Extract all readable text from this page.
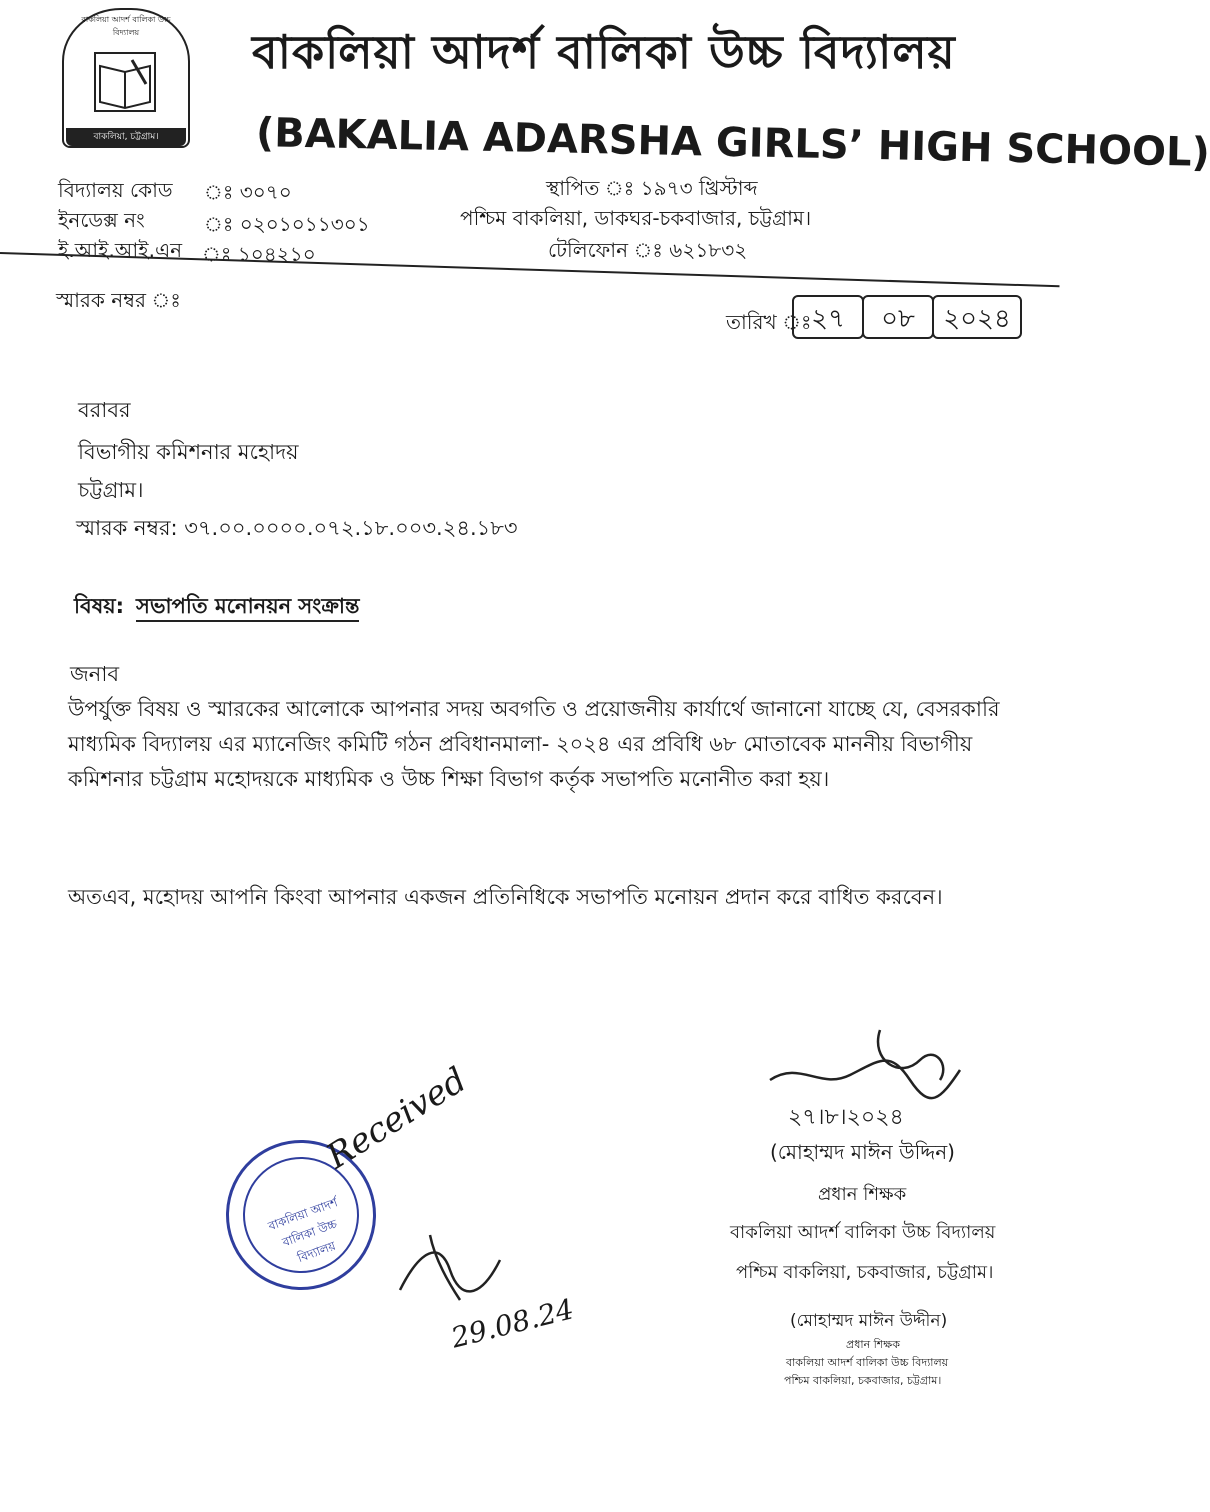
বাকলিয়া আদর্শ বালিকা উচ্চ বিদ্যালয়
বাকলিয়া, চট্টগ্রাম।
বাকলিয়া আদর্শ বালিকা উচ্চ বিদ্যালয়
(BAKALIA ADARSHA GIRLS’ HIGH SCHOOL)
বিদ্যালয় কোড ঃ ৩০৭০
ইনডেক্স নং	ঃ ০২০১০১১৩০১
ই.আই.আই.এন ঃ ১০৪২১০
স্থাপিত ঃ ১৯৭৩ খ্রিস্টাব্দ
পশ্চিম বাকলিয়া, ডাকঘর-চকবাজার, চট্টগ্রাম।
টেলিফোন ঃ ৬২১৮৩২
স্মারক নম্বর ঃ
তারিখ ঃ ২৭	০৮	২০২৪
বরাবর
বিভাগীয় কমিশনার মহোদয়
চট্টগ্রাম।
স্মারক নম্বর: ৩৭.০০.০০০০.০৭২.১৮.০০৩.২৪.১৮৩
বিষয়: সভাপতি মনোনয়ন সংক্রান্ত
জনাব
উপর্যুক্ত বিষয় ও স্মারকের আলোকে আপনার সদয় অবগতি ও প্রয়োজনীয় কার্যার্থে জানানো যাচ্ছে যে, বেসরকারি মাধ্যমিক বিদ্যালয় এর ম্যানেজিং কমিটি গঠন প্রবিধানমালা- ২০২৪ এর প্রবিধি ৬৮ মোতাবেক মাননীয় বিভাগীয় কমিশনার চট্টগ্রাম মহোদয়কে মাধ্যমিক ও উচ্চ শিক্ষা বিভাগ কর্তৃক সভাপতি মনোনীত করা হয়।
অতএব, মহোদয় আপনি কিংবা আপনার একজন প্রতিনিধিকে সভাপতি মনোয়ন প্রদান করে বাধিত করবেন।
২৭।৮।২০২৪
(মোহাম্মদ মাঈন উদ্দিন)
প্রধান শিক্ষক
বাকলিয়া আদর্শ বালিকা উচ্চ বিদ্যালয়
পশ্চিম বাকলিয়া, চকবাজার, চট্টগ্রাম।
(মোহাম্মদ মাঈন উদ্দীন)
প্রধান শিক্ষক
বাকলিয়া আদর্শ বালিকা উচ্চ বিদ্যালয়
পশ্চিম বাকলিয়া, চকবাজার, চট্টগ্রাম।
বাকলিয়া আদর্শ বালিকা উচ্চ বিদ্যালয়
Received
29.08.24
